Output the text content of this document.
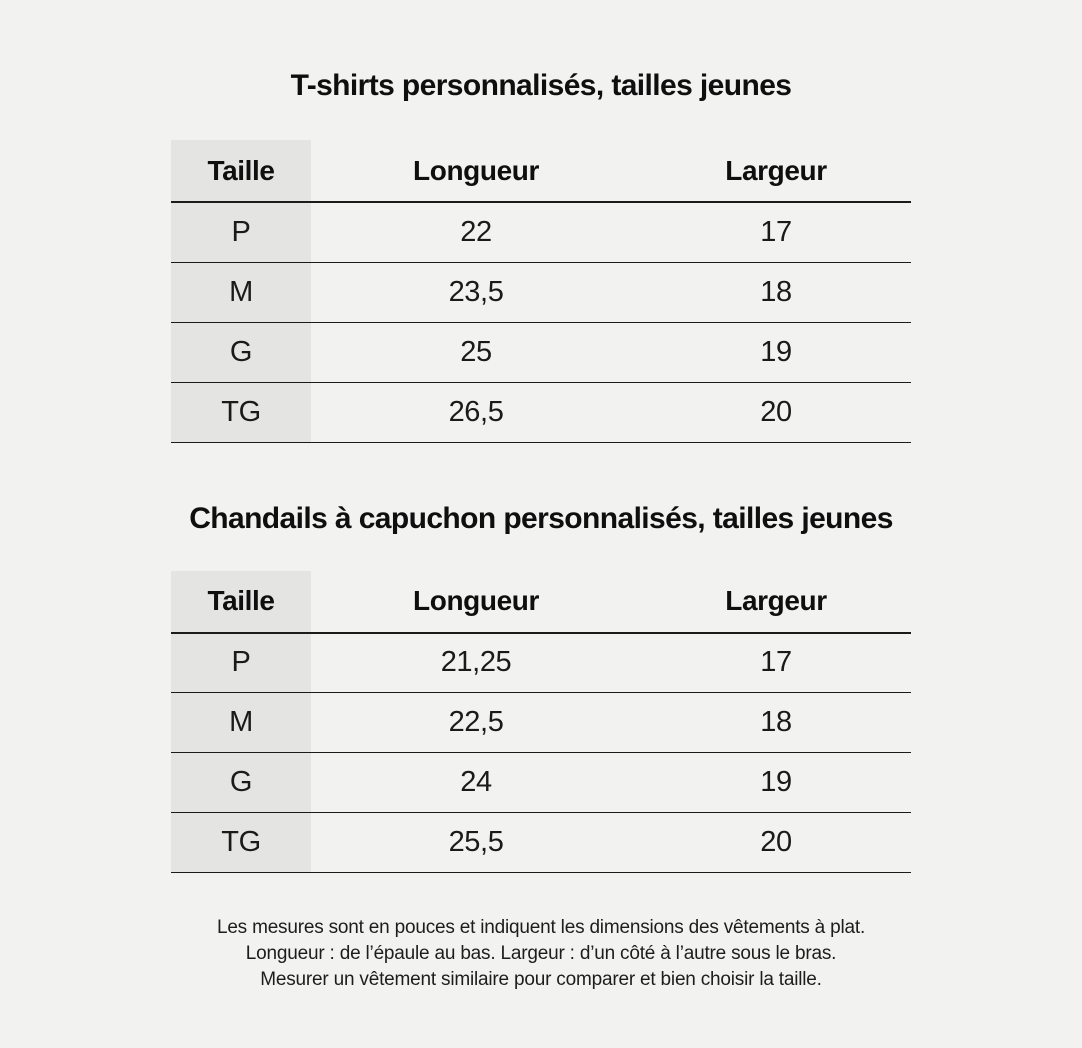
T-shirts personnalisés, tailles jeunes
Taille	Longueur	Largeur
P	22	17
M	23,5	18
G	25	19
TG	26,5	20
Chandails à capuchon personnalisés, tailles jeunes
Taille	Longueur	Largeur
P	21,25	17
M	22,5	18
G	24	19
TG	25,5	20

Les mesures sont en pouces et indiquent les dimensions des vêtements à plat.

Longueur : de l’épaule au bas. Largeur : d’un côté à l’autre sous le bras.

Mesurer un vêtement similaire pour comparer et bien choisir la taille.
